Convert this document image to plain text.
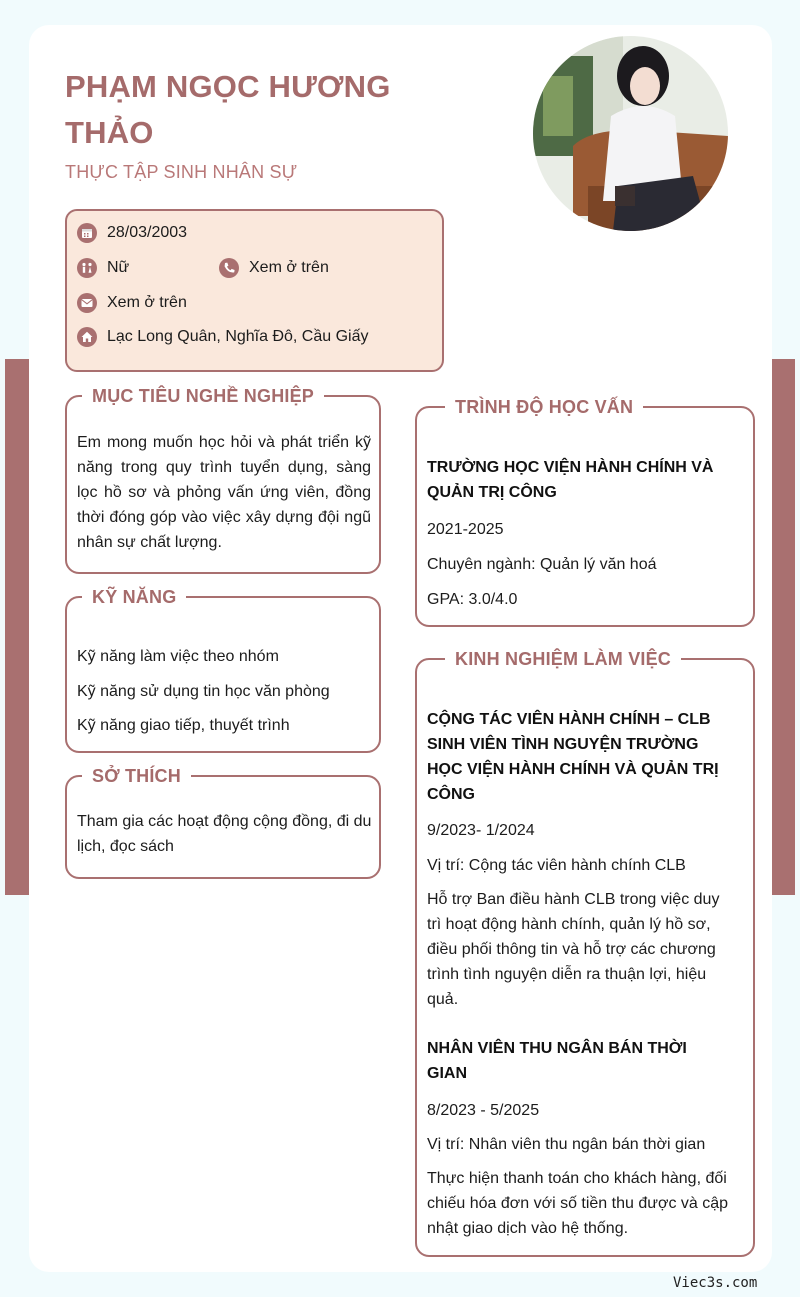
PHẠM NGỌC HƯƠNG THẢO
THỰC TẬP SINH NHÂN SỰ
28/03/2003
Nữ	Xem ở trên
Xem ở trên
Lạc Long Quân, Nghĩa Đô, Cầu Giấy
MỤC TIÊU NGHỀ NGHIỆP
Em mong muốn học hỏi và phát triển kỹ năng trong quy trình tuyển dụng, sàng lọc hồ sơ và phỏng vấn ứng viên, đồng thời đóng góp vào việc xây dựng đội ngũ nhân sự chất lượng.
KỸ NĂNG
Kỹ năng làm việc theo nhóm
Kỹ năng sử dụng tin học văn phòng
Kỹ năng giao tiếp, thuyết trình
SỞ THÍCH
Tham gia các hoạt động cộng đồng, đi du lịch, đọc sách
TRÌNH ĐỘ HỌC VẤN
TRƯỜNG HỌC VIỆN HÀNH CHÍNH VÀ QUẢN TRỊ CÔNG
2021-2025
Chuyên ngành: Quản lý văn hoá
GPA: 3.0/4.0
KINH NGHIỆM LÀM VIỆC
CỘNG TÁC VIÊN HÀNH CHÍNH – CLB SINH VIÊN TÌNH NGUYỆN TRƯỜNG HỌC VIỆN HÀNH CHÍNH VÀ QUẢN TRỊ CÔNG
9/2023- 1/2024
Vị trí: Cộng tác viên hành chính CLB
Hỗ trợ Ban điều hành CLB trong việc duy trì hoạt động hành chính, quản lý hồ sơ, điều phối thông tin và hỗ trợ các chương trình tình nguyện diễn ra thuận lợi, hiệu quả.
NHÂN VIÊN THU NGÂN BÁN THỜI GIAN
8/2023 - 5/2025
Vị trí: Nhân viên thu ngân bán thời gian
Thực hiện thanh toán cho khách hàng, đối chiếu hóa đơn với số tiền thu được và cập nhật giao dịch vào hệ thống.
Viec3s.com
